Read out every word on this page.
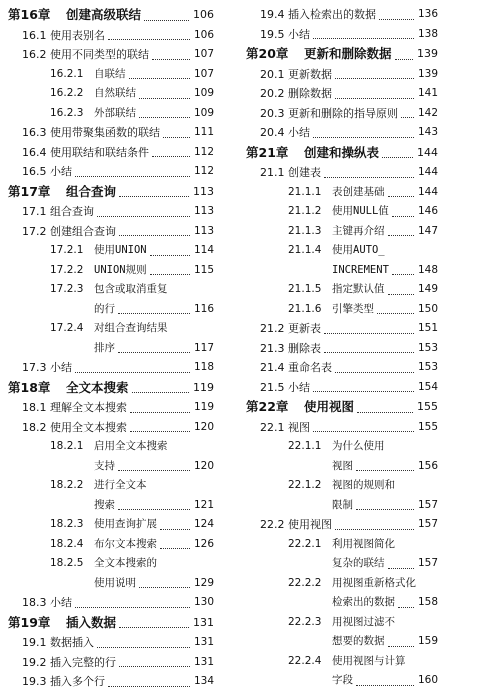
第16章 创建高级联结	106
16.1 使用表别名	106
16.2 使用不同类型的联结	107
16.2.1 自联结	107
16.2.2 自然联结	109
16.2.3 外部联结	109
16.3 使用带聚集函数的联结	111
16.4 使用联结和联结条件	112
16.5 小结	112
第17章 组合查询	113
17.1 组合查询	113
17.2 创建组合查询	113
17.2.1 使用UNION	114
17.2.2 UNION规则	115
17.2.3 包含或取消重复
的行	116
17.2.4 对组合查询结果
排序	117
17.3 小结	118
第18章 全文本搜索	119
18.1 理解全文本搜索	119
18.2 使用全文本搜索	120
18.2.1 启用全文本搜索
支持	120
18.2.2 进行全文本
搜索	121
18.2.3 使用查询扩展	124
18.2.4 布尔文本搜索	126
18.2.5 全文本搜索的
使用说明	129
18.3 小结	130
第19章 插入数据	131
19.1 数据插入	131
19.2 插入完整的行	131
19.3 插入多个行	134
19.4 插入检索出的数据	136
19.5 小结	138
第20章 更新和删除数据 139
20.1 更新数据	139
20.2 删除数据	141
20.3 更新和删除的指导原则 142
20.4 小结	143
第21章 创建和操纵表	144
21.1 创建表	144
21.1.1 表创建基础	144
21.1.2 使用NULL值	146
21.1.3 主键再介绍	147
21.1.4 使用AUTO_
INCREMENT	148
21.1.5 指定默认值	149
21.1.6 引擎类型	150
21.2 更新表	151
21.3 删除表	153
21.4 重命名表	153
21.5 小结	154
第22章 使用视图	155
22.1 视图	155
22.1.1 为什么使用
视图	156
22.1.2 视图的规则和
限制	157
22.2 使用视图	157
22.2.1 利用视图简化
复杂的联结	157
22.2.2 用视图重新格式化
检索出的数据 158
22.2.3 用视图过滤不
想要的数据	159
22.2.4 使用视图与计算
字段	160
